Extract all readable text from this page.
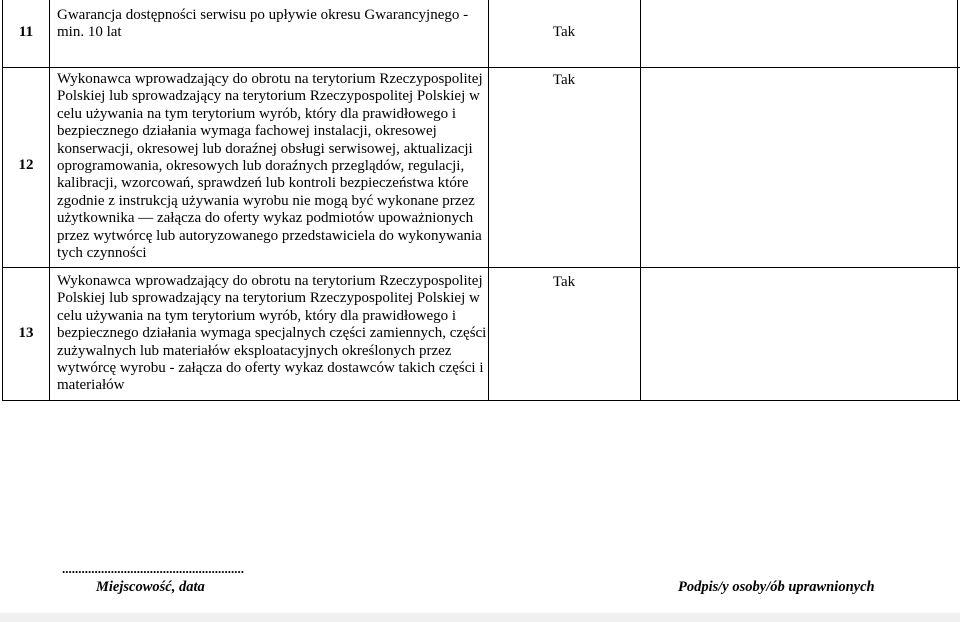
11
Gwarancja dostępności serwisu po upływie okresu Gwarancyjnego - min. 10 lat	Tak
12
Wykonawca wprowadzający do obrotu na terytorium Rzeczypospolitej Polskiej lub sprowadzający na terytorium Rzeczypospolitej Polskiej w celu używania na tym terytorium wyrób, który dla prawidłowego i bezpiecznego działania wymaga fachowej instalacji, okresowej konserwacji, okresowej lub doraźnej obsługi serwisowej, aktualizacji oprogramowania, okresowych lub doraźnych przeglądów, regulacji, kalibracji, wzorcowań, sprawdzeń lub kontroli bezpieczeństwa które zgodnie z instrukcją używania wyrobu nie mogą być wykonane przez użytkownika ― załącza do oferty wykaz podmiotów upoważnionych przez wytwórcę lub autoryzowanego przedstawiciela do wykonywania tych czynności
Tak
13
Wykonawca wprowadzający do obrotu na terytorium Rzeczypospolitej Polskiej lub sprowadzający na terytorium Rzeczypospolitej Polskiej w celu używania na tym terytorium wyrób, który dla prawidłowego i bezpiecznego działania wymaga specjalnych części zamiennych, części zużywalnych lub materiałów eksploatacyjnych określonych przez wytwórcę wyrobu - załącza do oferty wykaz dostawców takich części i materiałów
Tak
........................................................
Miejscowość, data	Podpis/y osoby/ób uprawnionych
